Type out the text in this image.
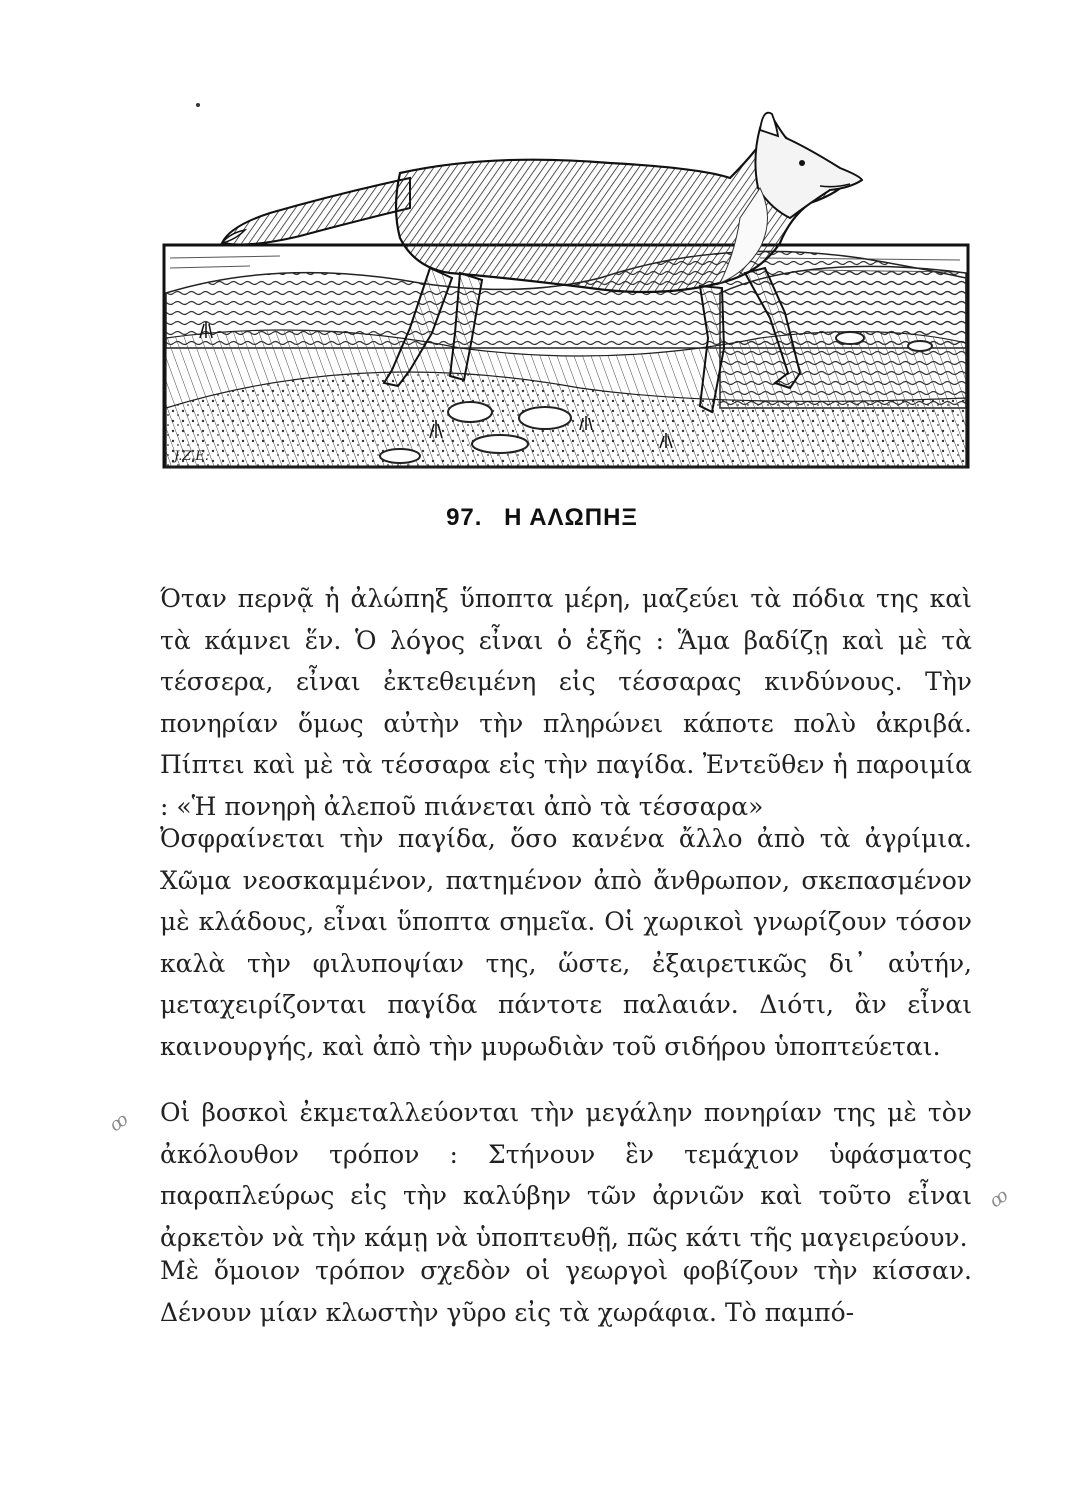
J.Z.E.
97. Η ΑΛΩΠΗΞ

Όταν περνᾷ ἡ ἀλώπηξ ὕποπτα μέρη, μαζεύει τὰ πόδια της καὶ τὰ κάμνει ἕν. Ὁ λόγος εἶναι ὁ ἑξῆς : Ἅμα βαδίζῃ καὶ μὲ τὰ τέσσερα, εἶναι ἐκτεθειμένη εἰς τέσσαρας κινδύνους. Τὴν πονηρίαν ὅμως αὐτὴν τὴν πληρώνει κάποτε πολὺ ἀκριβά. Πίπτει καὶ μὲ τὰ τέσσαρα εἰς τὴν παγίδα. Ἐντεῦθεν ἡ παροιμία : «Ἡ πονηρὴ ἀλεποῦ πιάνεται ἀπὸ τὰ τέσσαρα»

Ὀσφραίνεται τὴν παγίδα, ὅσο κανένα ἄλλο ἀπὸ τὰ ἀγρίμια. Χῶμα νεοσκαμμένον, πατημένον ἀπὸ ἄνθρωπον, σκεπασμένον μὲ κλάδους, εἶναι ὕποπτα σημεῖα. Οἱ χωρικοὶ γνωρίζουν τόσον καλὰ τὴν φιλυποψίαν της, ὥστε, ἐξαιρετικῶς δι᾽ αὐτήν, μεταχειρίζονται παγίδα πάντοτε παλαιάν. Διότι, ἂν εἶναι καινουργής, καὶ ἀπὸ τὴν μυρωδιὰν τοῦ σιδήρου ὑποπτεύεται.

Οἱ βοσκοὶ ἐκμεταλλεύονται τὴν μεγάλην πονηρίαν της μὲ τὸν ἀκόλουθον τρόπον : Στήνουν ἓν τεμάχιον ὑφάσματος παραπλεύρως εἰς τὴν καλύβην τῶν ἀρνιῶν καὶ τοῦτο εἶναι ἀρκετὸν νὰ τὴν κάμῃ νὰ ὑποπτευθῇ, πῶς κάτι τῆς μαγειρεύουν.

Μὲ ὅμοιον τρόπον σχεδὸν οἱ γεωργοὶ φοβίζουν τὴν κίσσαν. Δένουν μίαν κλωστὴν γῦρο εἰς τὰ χωράφια. Τὸ παμπό-

ꝏ
ꝏ
